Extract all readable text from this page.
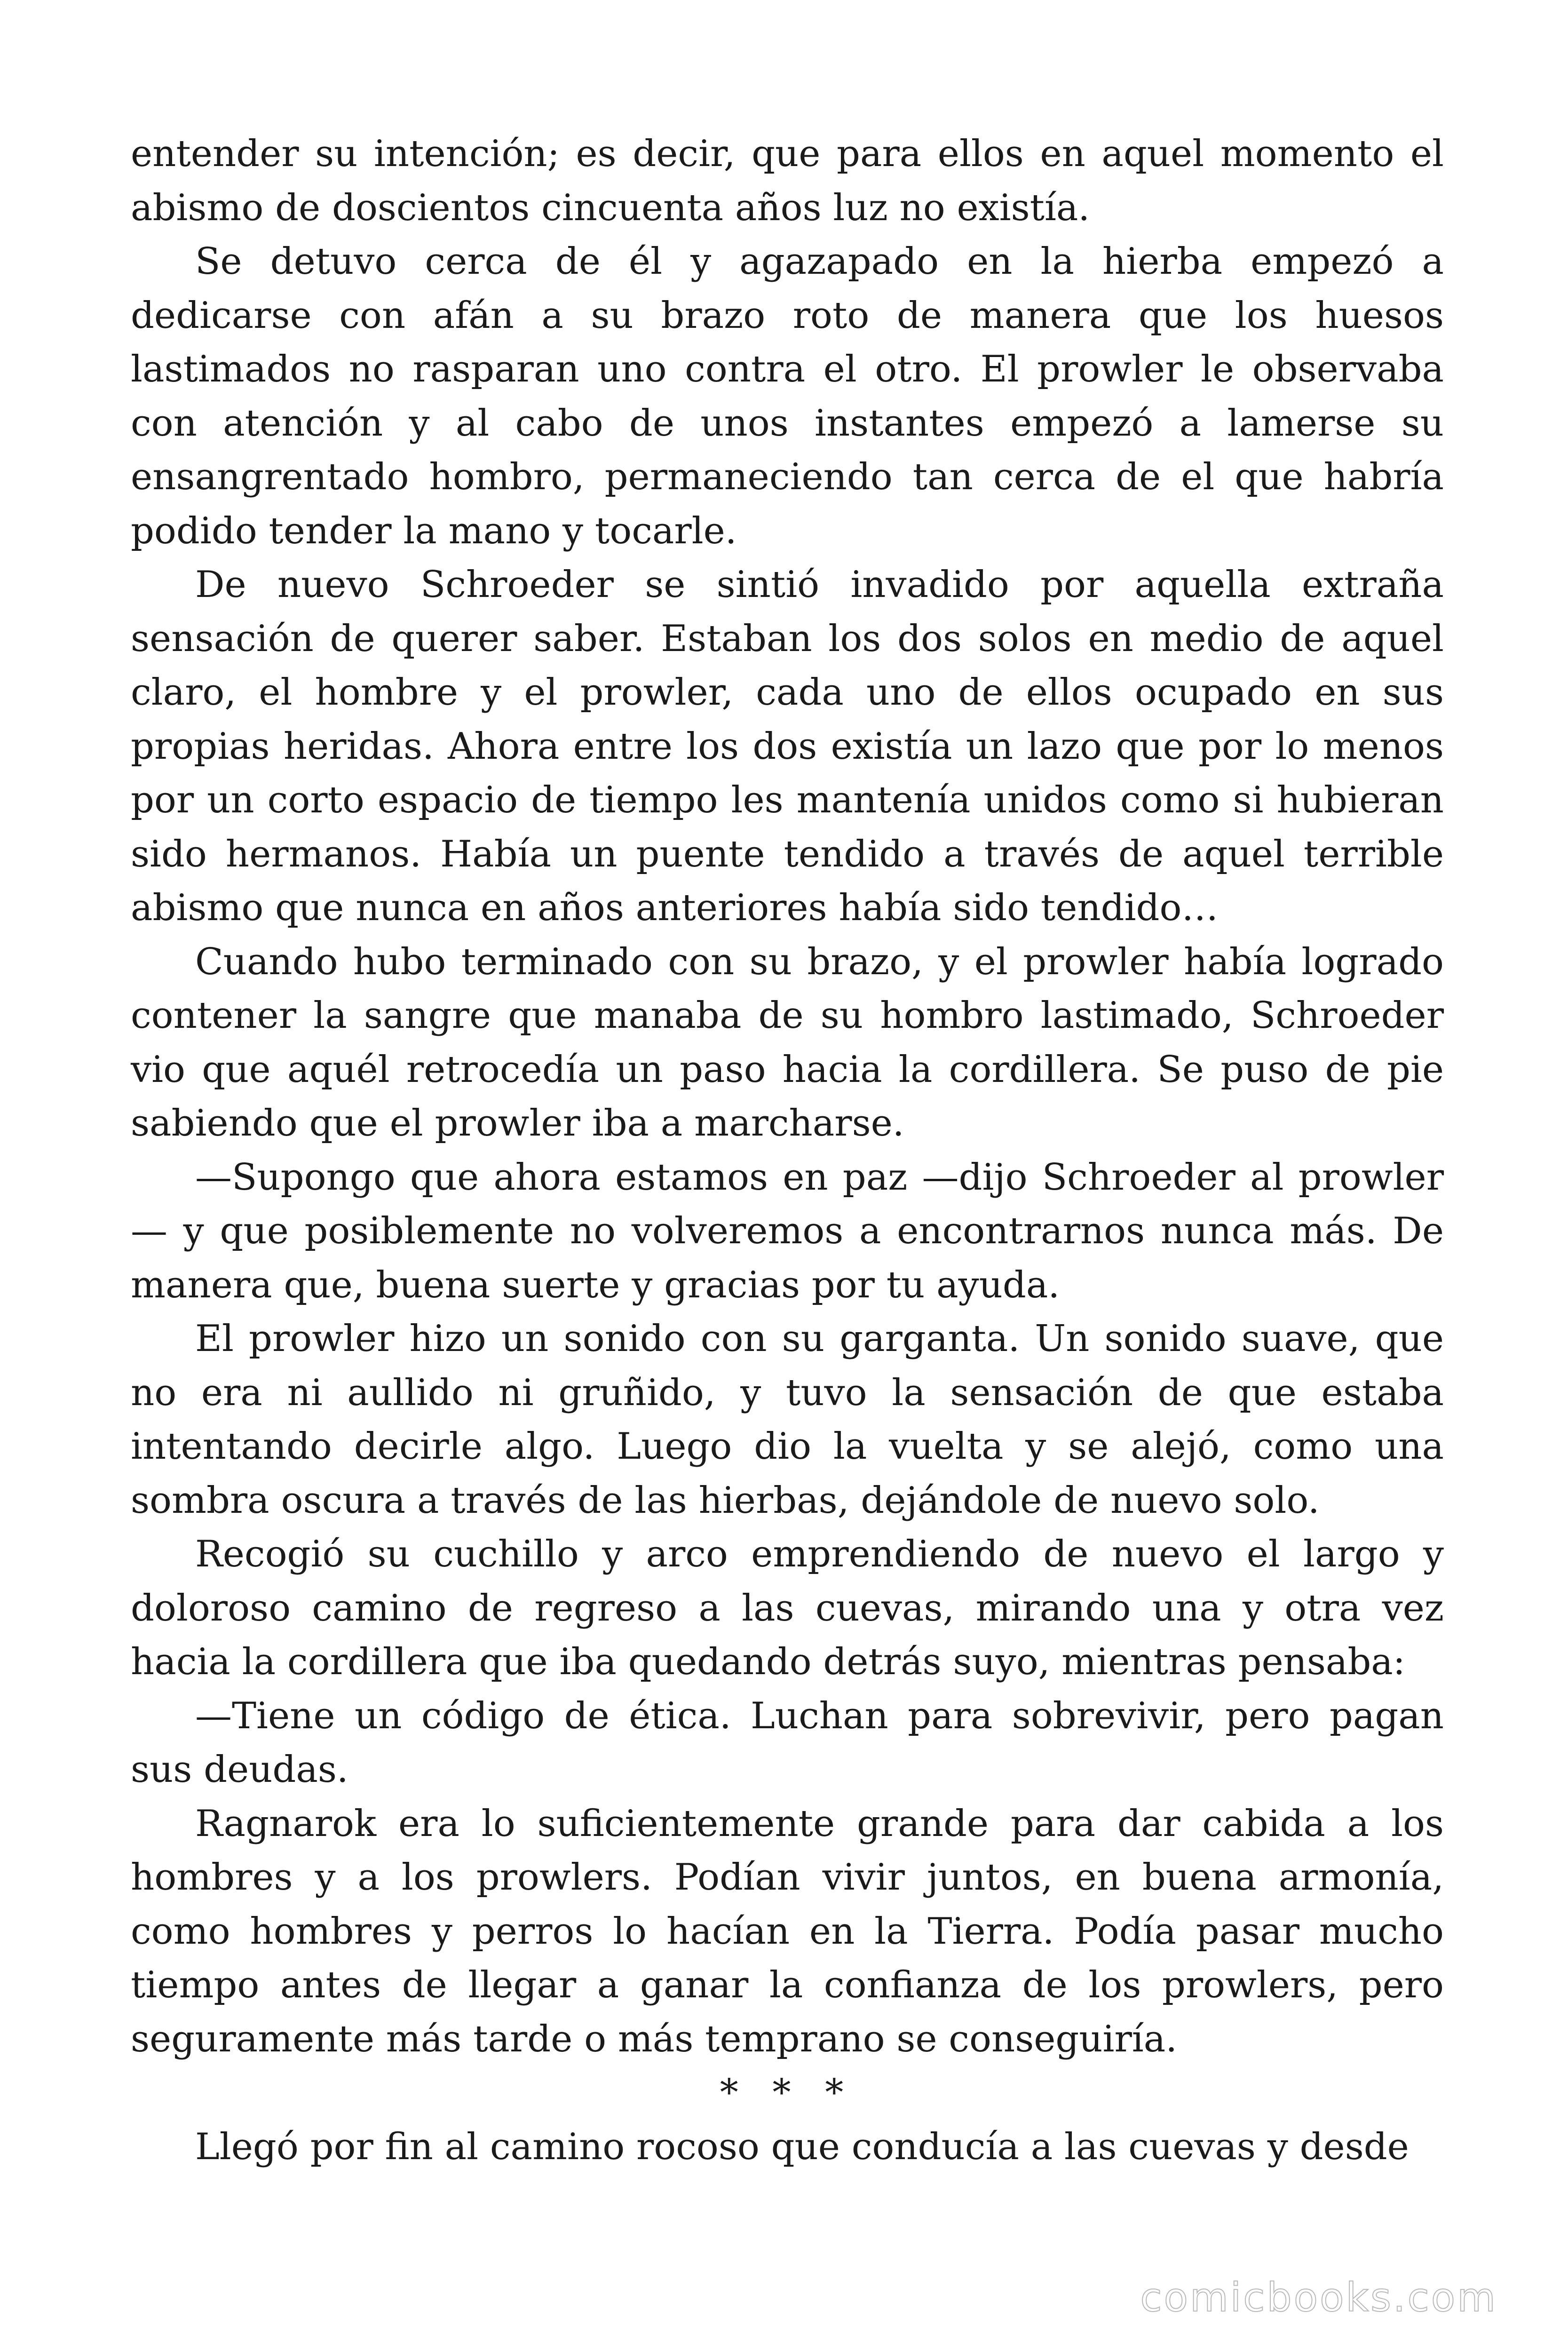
entender su intención; es decir, que para ellos en aquel momento el abismo de doscientos cincuenta años luz no existía.

Se detuvo cerca de él y agazapado en la hierba empezó a dedicarse con afán a su brazo roto de manera que los huesos lastimados no rasparan uno contra el otro. El prowler le observaba con atención y al cabo de unos instantes empezó a lamerse su ensangrentado hombro, permaneciendo tan cerca de el que habría podido tender la mano y tocarle.

De nuevo Schroeder se sintió invadido por aquella extraña sensación de querer saber. Estaban los dos solos en medio de aquel claro, el hombre y el prowler, cada uno de ellos ocupado en sus propias heridas. Ahora entre los dos existía un lazo que por lo menos por un corto espacio de tiempo les mantenía unidos como si hubieran sido hermanos. Había un puente tendido a través de aquel terrible abismo que nunca en años anteriores había sido tendido…

Cuando hubo terminado con su brazo, y el prowler había logrado contener la sangre que manaba de su hombro lastimado, Schroeder vio que aquél retrocedía un paso hacia la cordillera. Se puso de pie sabiendo que el prowler iba a marcharse.

—Supongo que ahora estamos en paz —dijo Schroeder al prowler— y que posiblemente no volveremos a encontrarnos nunca más. De manera que, buena suerte y gracias por tu ayuda.

El prowler hizo un sonido con su garganta. Un sonido suave, que no era ni aullido ni gruñido, y tuvo la sensación de que estaba intentando decirle algo. Luego dio la vuelta y se alejó, como una sombra oscura a través de las hierbas, dejándole de nuevo solo.

Recogió su cuchillo y arco emprendiendo de nuevo el largo y doloroso camino de regreso a las cuevas, mirando una y otra vez hacia la cordillera que iba quedando detrás suyo, mientras pensaba:

—Tiene un código de ética. Luchan para sobrevivir, pero pagan sus deudas.

Ragnarok era lo suficientemente grande para dar cabida a los hombres y a los prowlers. Podían vivir juntos, en buena armonía, como hombres y perros lo hacían en la Tierra. Podía pasar mucho tiempo antes de llegar a ganar la confianza de los prowlers, pero seguramente más tarde o más temprano se conseguiría.

* * *

Llegó por fin al camino rocoso que conducía a las cuevas y desde

comicbooks.com
